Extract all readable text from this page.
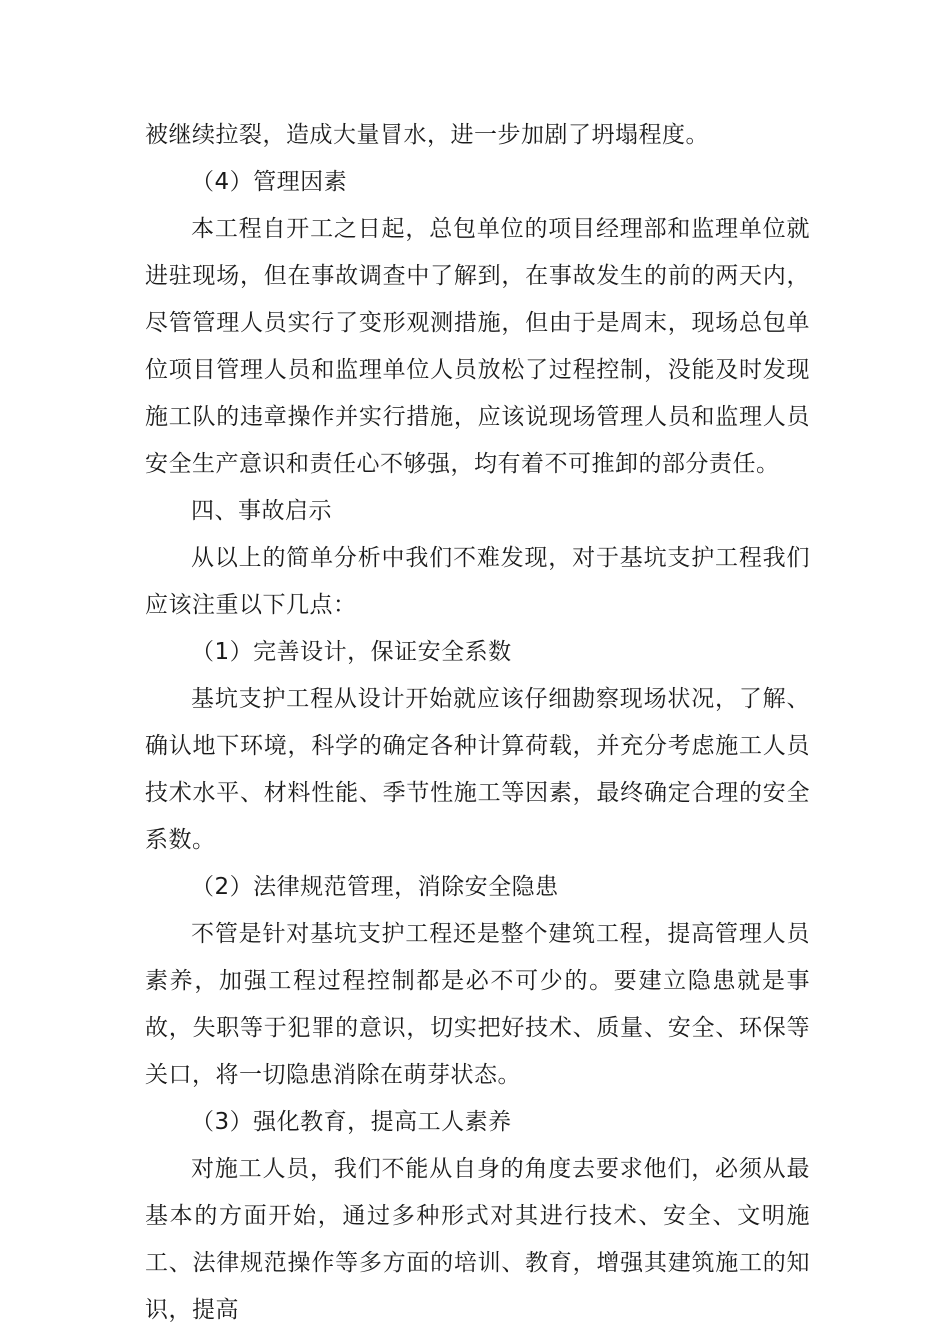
被继续拉裂，造成大量冒水，进一步加剧了坍塌程度。

（4）管理因素

本工程自开工之日起，总包单位的项目经理部和监理单位就进驻现场，但在事故调查中了解到，在事故发生的前的两天内，尽管管理人员实行了变形观测措施，但由于是周末，现场总包单位项目管理人员和监理单位人员放松了过程控制，没能及时发现施工队的违章操作并实行措施，应该说现场管理人员和监理人员安全生产意识和责任心不够强，均有着不可推卸的部分责任。

四、事故启示

从以上的简单分析中我们不难发现，对于基坑支护工程我们应该注重以下几点：

（1）完善设计，保证安全系数

基坑支护工程从设计开始就应该仔细勘察现场状况，了解、确认地下环境，科学的确定各种计算荷载，并充分考虑施工人员技术水平、材料性能、季节性施工等因素，最终确定合理的安全系数。

（2）法律规范管理，消除安全隐患

不管是针对基坑支护工程还是整个建筑工程，提高管理人员素养，加强工程过程控制都是必不可少的。要建立隐患就是事故，失职等于犯罪的意识，切实把好技术、质量、安全、环保等关口，将一切隐患消除在萌芽状态。

（3）强化教育，提高工人素养

对施工人员，我们不能从自身的角度去要求他们，必须从最基本的方面开始，通过多种形式对其进行技术、安全、文明施工、法律规范操作等多方面的培训、教育，增强其建筑施工的知识，提高
